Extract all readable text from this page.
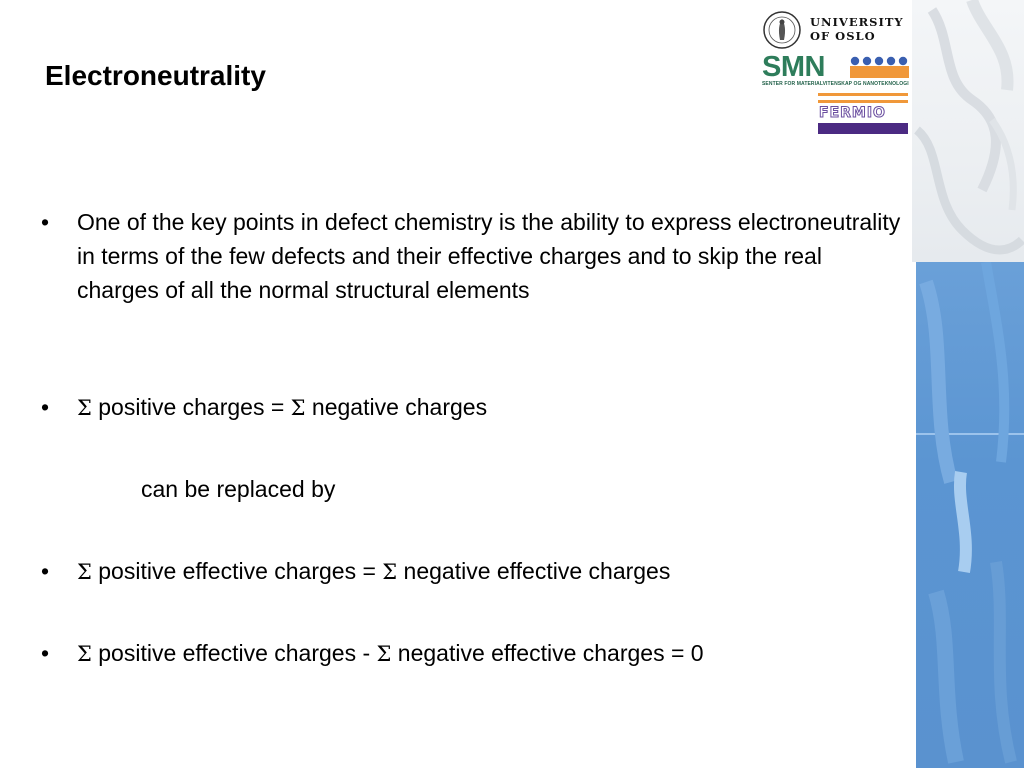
Electroneutrality
UNIVERSITY
OF OSLO
SMN
SENTER FOR MATERIALVITENSKAP OG NANOTEKNOLOGI
FERMIO
• One of the key points in defect chemistry is the ability to express electroneutrality in terms of the few defects and their effective charges and to skip the real charges of all the normal structural elements
• Σ positive charges = Σ negative charges
can be replaced by
• Σ positive effective charges = Σ negative effective charges
• Σ positive effective charges - Σ negative effective charges = 0
